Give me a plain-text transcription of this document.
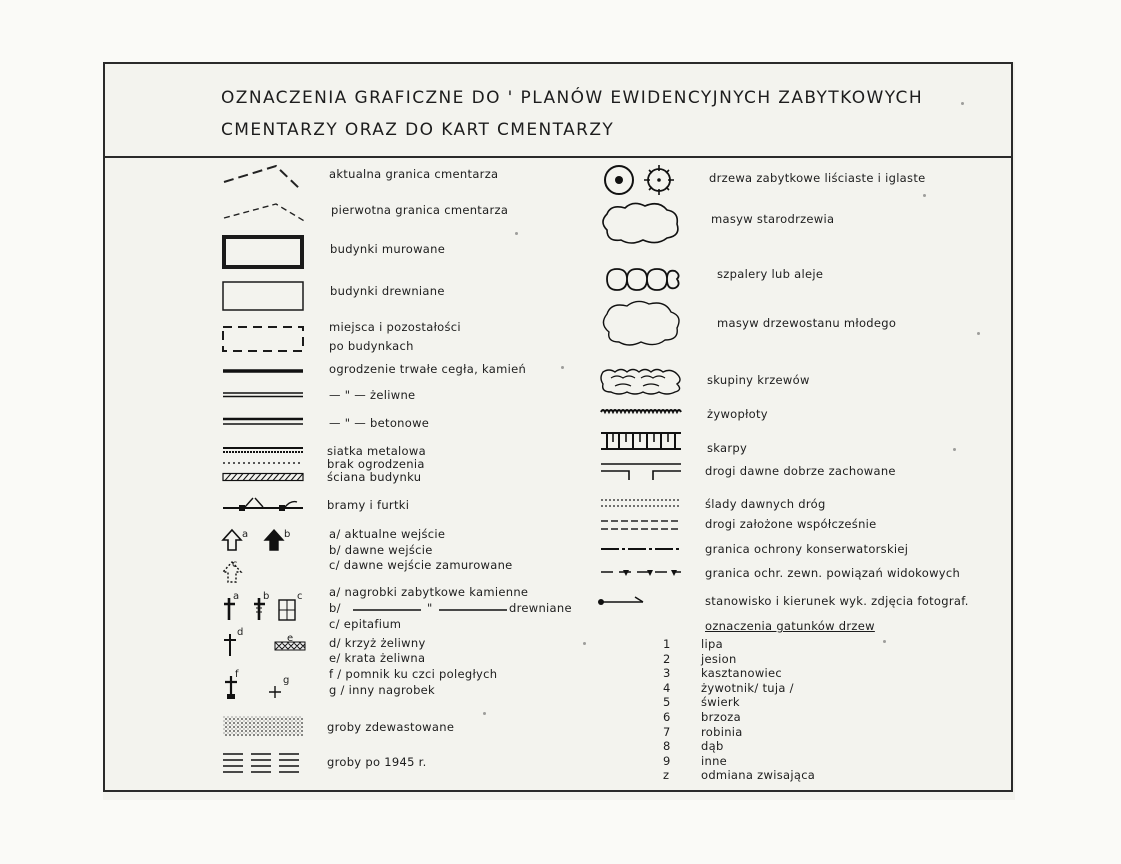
OZNACZENIA GRAFICZNE DO ' PLANÓW EWIDENCYJNYCH ZABYTKOWYCH
CMENTARZY ORAZ DO KART CMENTARZY
a	b
c
a b	c
d
e
f
g
aktualna granica cmentarza
pierwotna granica cmentarza
budynki murowane
budynki drewniane
miejsca i pozostałości
po budynkach
ogrodzenie trwałe cegła, kamień
— " — żeliwne
— " — betonowe
siatka metalowa
brak ogrodzenia
ściana budynku
bramy i furtki
a/ aktualne wejście
b/ dawne wejście
c/ dawne wejście zamurowane
a/ nagrobki zabytkowe kamienne
b/	"	drewniane
c/ epitafium
d/ krzyż żeliwny
e/ krata żeliwna
f / pomnik ku czci poległych
g / inny nagrobek
groby zdewastowane
groby po 1945 r.
drzewa zabytkowe liściaste i iglaste
masyw starodrzewia
szpalery lub aleje
masyw drzewostanu młodego
skupiny krzewów
żywopłoty
skarpy
drogi dawne dobrze zachowane
ślady dawnych dróg
drogi założone współcześnie
granica ochrony konserwatorskiej
granica ochr. zewn. powiązań widokowych
stanowisko i kierunek wyk. zdjęcia fotograf.
oznaczenia gatunków drzew
1	lipa
2	jesion
3	kasztanowiec
4	żywotnik/ tuja /
5	świerk
6	brzoza
7	robinia
8	dąb
9	inne
z	odmiana zwisająca
